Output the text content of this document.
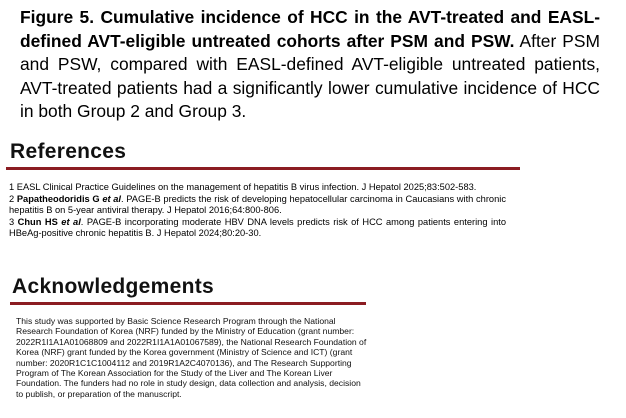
Figure 5. Cumulative incidence of HCC in the AVT-treated and EASL-defined AVT-eligible untreated cohorts after PSM and PSW. After PSM and PSW, compared with EASL-defined AVT-eligible untreated patients, AVT-treated patients had a significantly lower cumulative incidence of HCC in both Group 2 and Group 3.
References
1 EASL Clinical Practice Guidelines on the management of hepatitis B virus infection. J Hepatol 2025;83:502-583.
2 Papatheodoridis G et al. PAGE-B predicts the risk of developing hepatocellular carcinoma in Caucasians with chronic hepatitis B on 5-year antiviral therapy. J Hepatol 2016;64:800-806.
3 Chun HS et al. PAGE-B incorporating moderate HBV DNA levels predicts risk of HCC among patients entering into HBeAg-positive chronic hepatitis B. J Hepatol 2024;80:20-30.
Acknowledgements

This study was supported by Basic Science Research Program through the National Research Foundation of Korea (NRF) funded by the Ministry of Education (grant number: 2022R1I1A1A01068809 and 2022R1I1A1A01067589), the National Research Foundation of Korea (NRF) grant funded by the Korea government (Ministry of Science and ICT) (grant number: 2020R1C1C1004112 and 2019R1A2C4070136), and The Research Supporting Program of The Korean Association for the Study of the Liver and The Korean Liver Foundation. The funders had no role in study design, data collection and analysis, decision to publish, or preparation of the manuscript.
